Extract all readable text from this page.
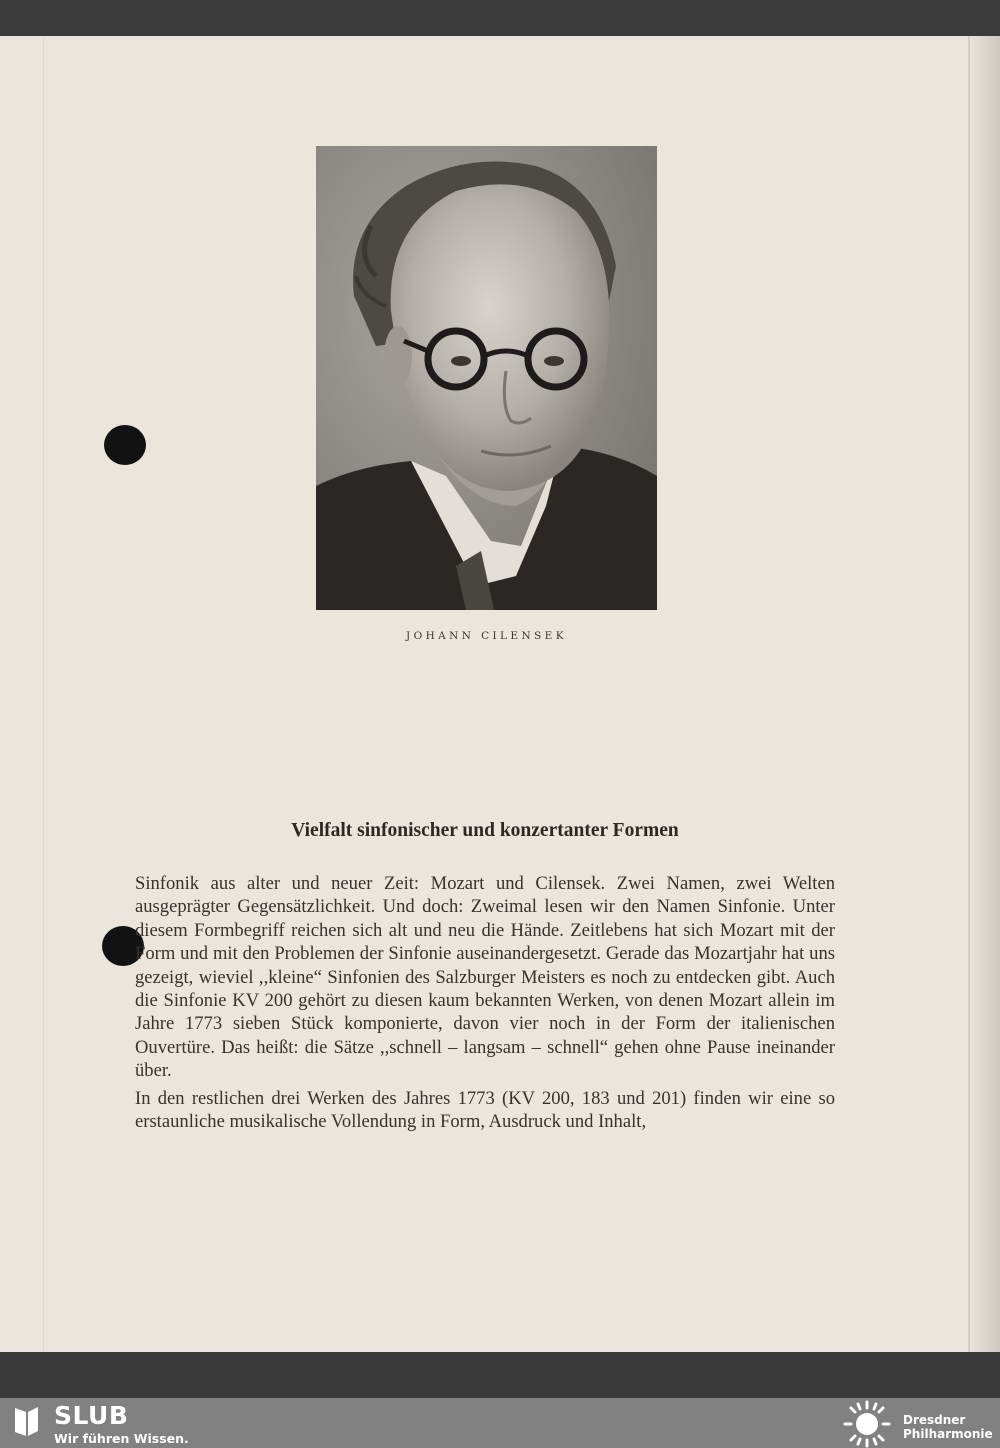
JOHANN CILENSEK
Vielfalt sinfonischer und konzertanter Formen

Sinfonik aus alter und neuer Zeit: Mozart und Cilensek. Zwei Namen, zwei Welten ausgeprägter Gegensätzlichkeit. Und doch: Zweimal lesen wir den Namen Sinfonie. Unter diesem Formbegriff reichen sich alt und neu die Hände. Zeitlebens hat sich Mozart mit der Form und mit den Problemen der Sinfonie auseinandergesetzt. Gerade das Mozartjahr hat uns gezeigt, wieviel ,,kleine“ Sinfonien des Salzburger Meisters es noch zu entdecken gibt. Auch die Sinfonie KV 200 gehört zu diesen kaum bekannten Werken, von denen Mozart allein im Jahre 1773 sieben Stück komponierte, davon vier noch in der Form der italienischen Ouvertüre. Das heißt: die Sätze ,,schnell – langsam – schnell“ gehen ohne Pause ineinander über.

In den restlichen drei Werken des Jahres 1773 (KV 200, 183 und 201) finden wir eine so erstaunliche musikalische Vollendung in Form, Ausdruck und Inhalt,

SLUB
Wir führen Wissen.
Dresdner
Philharmonie
